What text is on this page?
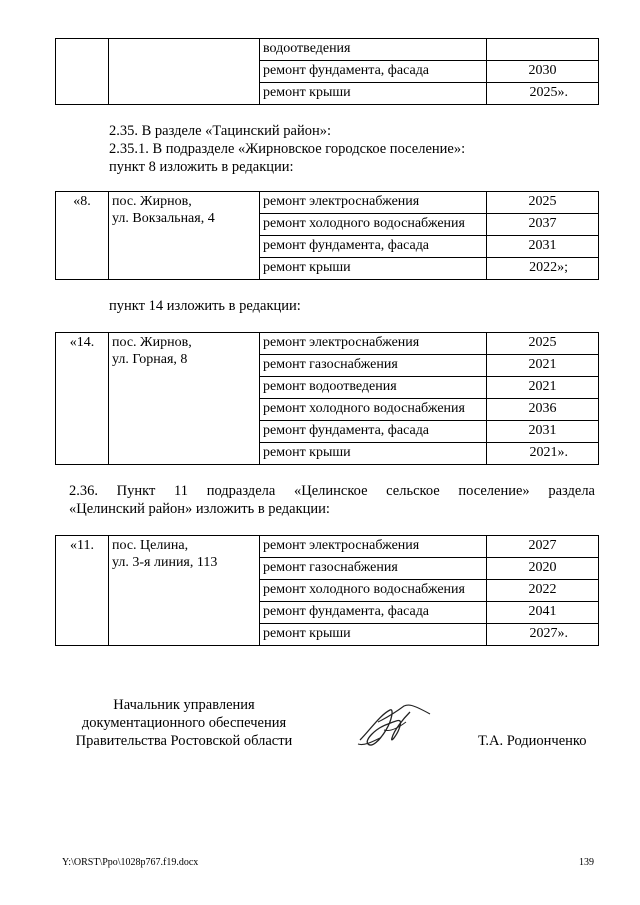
		водоотведения	
		ремонт фундамента, фасада	2030
		ремонт крыши	2025».
2.35. В разделе «Тацинский район»:
2.35.1. В подразделе «Жирновское городское поселение»:
пункт 8 изложить в редакции:
«8.	пос. Жирнов,
ул. Вокзальная, 4	ремонт электроснабжения	2025
		ремонт холодного водоснабжения	2037
		ремонт фундамента, фасада	2031
		ремонт крыши	2022»;
пункт 14 изложить в редакции:
«14.	пос. Жирнов,
ул. Горная, 8	ремонт электроснабжения	2025
		ремонт газоснабжения	2021
		ремонт водоотведения	2021
		ремонт холодного водоснабжения	2036
		ремонт фундамента, фасада	2031
		ремонт крыши	2021».
2.36. Пункт 11 подраздела «Целинское сельское поселение» раздела
«Целинский район» изложить в редакции:
«11.	пос. Целина,
ул. 3-я линия, 113	ремонт электроснабжения	2027
		ремонт газоснабжения	2020
		ремонт холодного водоснабжения	2022
		ремонт фундамента, фасада	2041
		ремонт крыши	2027».
Начальник управления
документационного обеспечения
Правительства Ростовской области	Т.А. Родионченко
Y:\ORST\Ppo\1028p767.f19.docx	139
